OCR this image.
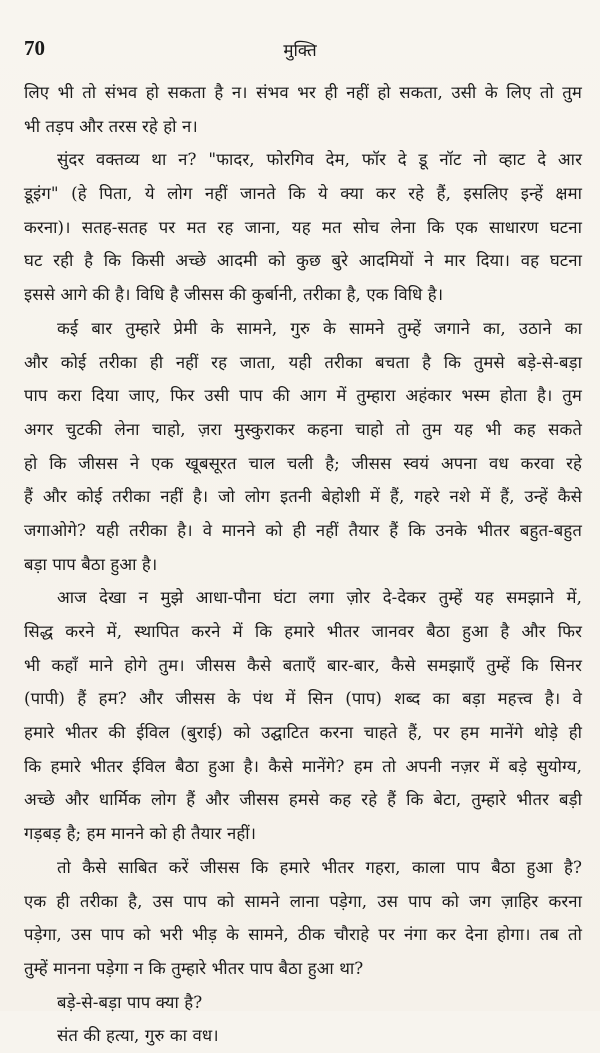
70	मुक्ति
लिए भी तो संभव हो सकता है न। संभव भर ही नहीं हो सकता, उसी के लिए तो तुम
भी तड़प और तरस रहे हो न।
सुंदर वक्तव्य था न? "फादर, फोरगिव देम, फॉर दे डू नॉट नो व्हाट दे आर
डूइंग" (हे पिता, ये लोग नहीं जानते कि ये क्या कर रहे हैं, इसलिए इन्हें क्षमा
करना)। सतह-सतह पर मत रह जाना, यह मत सोच लेना कि एक साधारण घटना
घट रही है कि किसी अच्छे आदमी को कुछ बुरे आदमियों ने मार दिया। वह घटना
इससे आगे की है। विधि है जीसस की कुर्बानी, तरीका है, एक विधि है।
कई बार तुम्हारे प्रेमी के सामने, गुरु के सामने तुम्हें जगाने का, उठाने का
और कोई तरीका ही नहीं रह जाता, यही तरीका बचता है कि तुमसे बड़े-से-बड़ा
पाप करा दिया जाए, फिर उसी पाप की आग में तुम्हारा अहंकार भस्म होता है। तुम
अगर चुटकी लेना चाहो, ज़रा मुस्कुराकर कहना चाहो तो तुम यह भी कह सकते
हो कि जीसस ने एक खूबसूरत चाल चली है; जीसस स्वयं अपना वध करवा रहे
हैं और कोई तरीका नहीं है। जो लोग इतनी बेहोशी में हैं, गहरे नशे में हैं, उन्हें कैसे
जगाओगे? यही तरीका है। वे मानने को ही नहीं तैयार हैं कि उनके भीतर बहुत-बहुत
बड़ा पाप बैठा हुआ है।
आज देखा न मुझे आधा-पौना घंटा लगा ज़ोर दे-देकर तुम्हें यह समझाने में,
सिद्ध करने में, स्थापित करने में कि हमारे भीतर जानवर बैठा हुआ है और फिर
भी कहाँ माने होगे तुम। जीसस कैसे बताएँ बार-बार, कैसे समझाएँ तुम्हें कि सिनर
(पापी) हैं हम? और जीसस के पंथ में सिन (पाप) शब्द का बड़ा महत्त्व है। वे
हमारे भीतर की ईविल (बुराई) को उद्घाटित करना चाहते हैं, पर हम मानेंगे थोड़े ही
कि हमारे भीतर ईविल बैठा हुआ है। कैसे मानेंगे? हम तो अपनी नज़र में बड़े सुयोग्य,
अच्छे और धार्मिक लोग हैं और जीसस हमसे कह रहे हैं कि बेटा, तुम्हारे भीतर बड़ी
गड़बड़ है; हम मानने को ही तैयार नहीं।
तो कैसे साबित करें जीसस कि हमारे भीतर गहरा, काला पाप बैठा हुआ है?
एक ही तरीका है, उस पाप को सामने लाना पड़ेगा, उस पाप को जग ज़ाहिर करना
पड़ेगा, उस पाप को भरी भीड़ के सामने, ठीक चौराहे पर नंगा कर देना होगा। तब तो
तुम्हें मानना पड़ेगा न कि तुम्हारे भीतर पाप बैठा हुआ था?
बड़े-से-बड़ा पाप क्या है?
संत की हत्या, गुरु का वध।
